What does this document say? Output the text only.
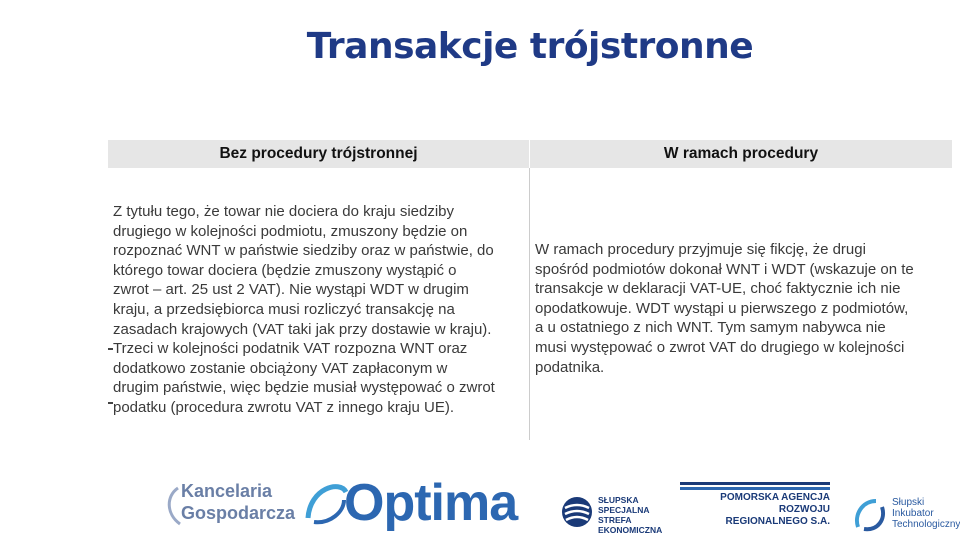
Transakcje trójstronne
Bez procedury trójstronnej	W ramach procedury
Z tytułu tego, że towar nie dociera do kraju siedziby
drugiego w kolejności podmiotu, zmuszony będzie on
rozpoznać WNT w państwie siedziby oraz w państwie, do
którego towar dociera (będzie zmuszony wystąpić o
zwrot – art. 25 ust 2 VAT). Nie wystąpi WDT w drugim
kraju, a przedsiębiorca musi rozliczyć transakcję na
zasadach krajowych (VAT taki jak przy dostawie w kraju).
Trzeci w kolejności podatnik VAT rozpozna WNT oraz
dodatkowo zostanie obciążony VAT zapłaconym w
drugim państwie, więc będzie musiał występować o zwrot
podatku (procedura zwrotu VAT z innego kraju UE).
W ramach procedury przyjmuje się fikcję, że drugi
spośród podmiotów dokonał WNT i WDT (wskazuje on te
transakcje w deklaracji VAT-UE, choć faktycznie ich nie
opodatkowuje. WDT wystąpi u pierwszego z podmiotów,
a u ostatniego z nich WNT. Tym samym nabywca nie
musi występować o zwrot VAT do drugiego w kolejności
podatnika.
Kancelaria
Gospodarcza Optima	SŁUPSKA
SPECJALNA
STREFA
EKONOMICZNA
POMORSKA AGENCJA ROZWOJU
REGIONALNEGO S.A.
Słupski
Inkubator
Technologiczny
